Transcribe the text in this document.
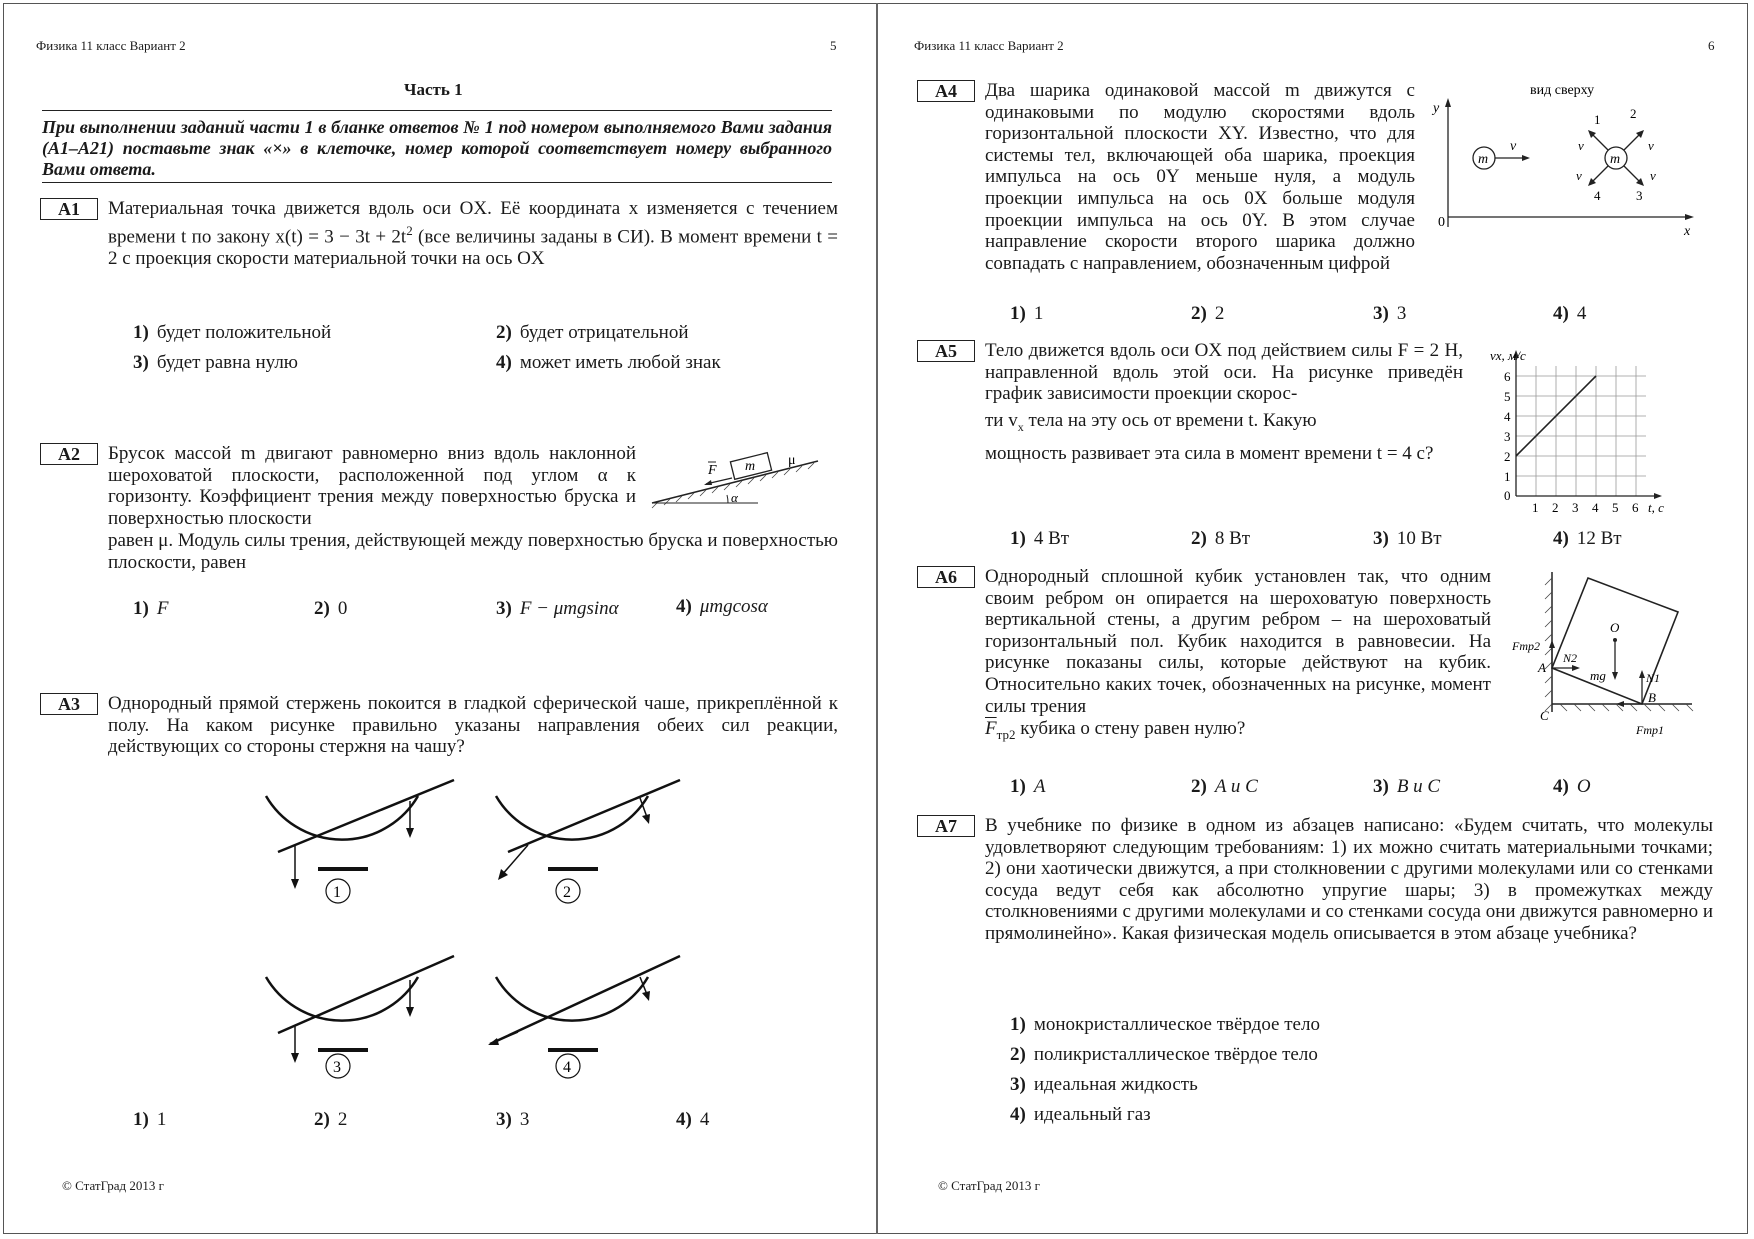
Физика 11 класс Вариант 2	5
Часть 1
При выполнении заданий части 1 в бланке ответов № 1 под номером выполняемого Вами задания (А1–А21) поставьте знак «×» в клеточке, номер которой соответствует номеру выбранного Вами ответа.
А1	Материальная точка движется вдоль оси OX. Её координата x изменяется с течением времени t по закону $x(t) = 3 - 3t + 2t^2$ (все величины заданы в СИ). В момент времени t = 2 с проекция скорости материальной точки на ось OX
1) будет положительной	2) будет отрицательной
3) будет равна нулю	4) может иметь любой знак
А2	Брусок массой m двигают равномерно вниз вдоль наклонной шероховатой плоскости, расположенной под углом α к горизонту. Коэффициент трения между поверхностью бруска и поверхностью плоскости
равен μ. Модуль силы трения, действующей между поверхностью бруска и поверхностью плоскости, равен
α
m
F
μ
1) F	2) 0	3) F − μmgsinα	4) μmgcosα
А3	Однородный прямой стержень покоится в гладкой сферической чаше, прикреплённой к полу. На каком рисунке правильно указаны направления обеих сил реакции, действующих со стороны стержня на чашу?
1	2
3	4
1) 1	2) 2	3) 3	4) 4
© СтатГрад 2013 г
Физика 11 класс Вариант 2	6
А4	Два шарика одинаковой массой m движутся с одинаковыми по модулю скоростями вдоль горизонтальной плоскости XY. Известно, что для системы тел, включающей оба шарика, проекция импульса на ось 0Y меньше нуля, а модуль проекции импульса на ось 0X больше модуля проекции импульса на ось 0Y. В этом случае направление скорости второго шарика должно совпадать с направлением, обозначенным цифрой
вид сверху
y
x
0
m
v
m
1 2
3
4
v	v
v	v
1) 1	2) 2	3) 3	4) 4
А5	Тело движется вдоль оси OX под действием силы F = 2 Н, направленной вдоль этой оси. На рисунке приведён график зависимости проекции скорос-
ти $v_x$ тела на эту ось от времени t. Какую
мощность развивает эта сила в момент времени t = 4 с?
1 2 3 4 5 6
1
2
3
4
5
6
0
t, с
vx, м/с
1) 4 Вт	2) 8 Вт	3) 10 Вт	4) 12 Вт
А6	Однородный сплошной кубик установлен так, что одним своим ребром он опирается на шероховатую поверхность вертикальной стены, а другим ребром – на шероховатый горизонтальный пол. Кубик находится в равновесии. На рисунке показаны силы, которые действуют на кубик. Относительно каких точек, обозначенных на рисунке, момент силы трения
$\overline{F}_{тр2}$ кубика о стену равен нулю?
O
mg
N2
Fтр2
N1
Fтр1
A
B
C
1) A	2) A и C	3) B и C	4) O
А7	В учебнике по физике в одном из абзацев написано: «Будем считать, что молекулы удовлетворяют следующим требованиям: 1) их можно считать материальными точками; 2) они хаотически движутся, а при столкновении с другими молекулами или со стенками сосуда ведут себя как абсолютно упругие шары; 3) в промежутках между столкновениями с другими молекулами и со стенками сосуда они движутся равномерно и прямолинейно». Какая физическая модель описывается в этом абзаце учебника?
1) монокристаллическое твёрдое тело
2) поликристаллическое твёрдое тело
3) идеальная жидкость
4) идеальный газ
© СтатГрад 2013 г
